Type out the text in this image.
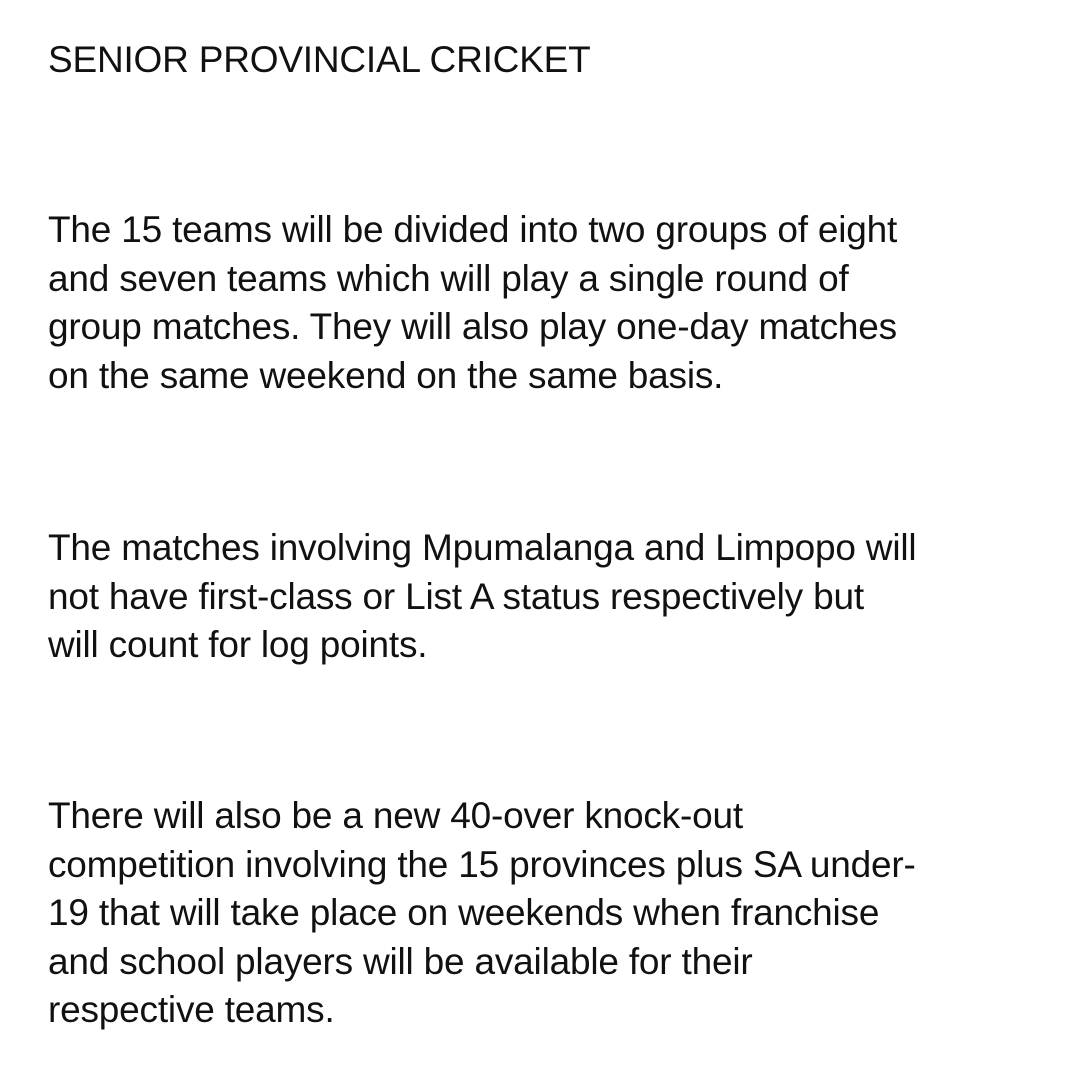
SENIOR PROVINCIAL CRICKET

The 15 teams will be divided into two groups of eight
and seven teams which will play a single round of
group matches. They will also play one-day matches
on the same weekend on the same basis.

The matches involving Mpumalanga and Limpopo will
not have first-class or List A status respectively but
will count for log points.

There will also be a new 40-over knock-out
competition involving the 15 provinces plus SA under-
19 that will take place on weekends when franchise
and school players will be available for their
respective teams.
